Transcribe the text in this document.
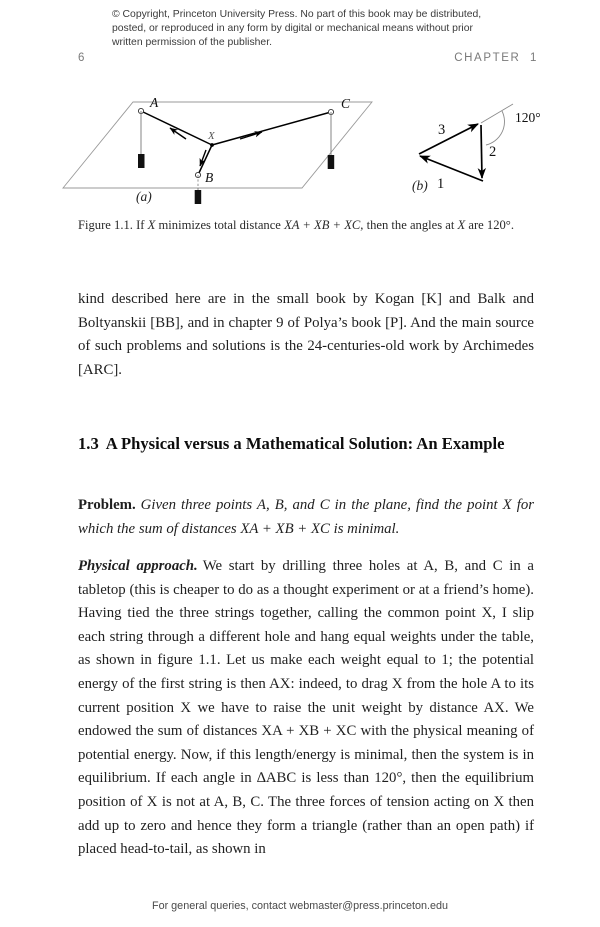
© Copyright, Princeton University Press. No part of this book may be distributed, posted, or reproduced in any form by digital or mechanical means without prior written permission of the publisher.
6	CHAPTER  1
A	C
B
X
(a)
3
2
1
120°
(b)
Figure 1.1. If X minimizes total distance XA + XB + XC, then the angles at X are 120°.
kind described here are in the small book by Kogan [K] and Balk and Boltyanskii [BB], and in chapter 9 of Polya’s book [P]. And the main source of such problems and solutions is the 24-centuries-old work by Archimedes [ARC].
1.3 A Physical versus a Mathematical Solution: An Example
Problem. Given three points A, B, and C in the plane, find the point X for which the sum of distances XA + XB + XC is minimal.
Physical approach. We start by drilling three holes at A, B, and C in a tabletop (this is cheaper to do as a thought experiment or at a friend’s home). Having tied the three strings together, calling the common point X, I slip each string through a different hole and hang equal weights under the table, as shown in figure 1.1. Let us make each weight equal to 1; the potential energy of the first string is then AX: indeed, to drag X from the hole A to its current position X we have to raise the unit weight by distance AX. We endowed the sum of distances XA + XB + XC with the physical meaning of potential energy. Now, if this length/energy is minimal, then the system is in equilibrium. If each angle in ∆ABC is less than 120°, then the equilibrium position of X is not at A, B, C. The three forces of tension acting on X then add up to zero and hence they form a triangle (rather than an open path) if placed head-to-tail, as shown in
For general queries, contact webmaster@press.princeton.edu
